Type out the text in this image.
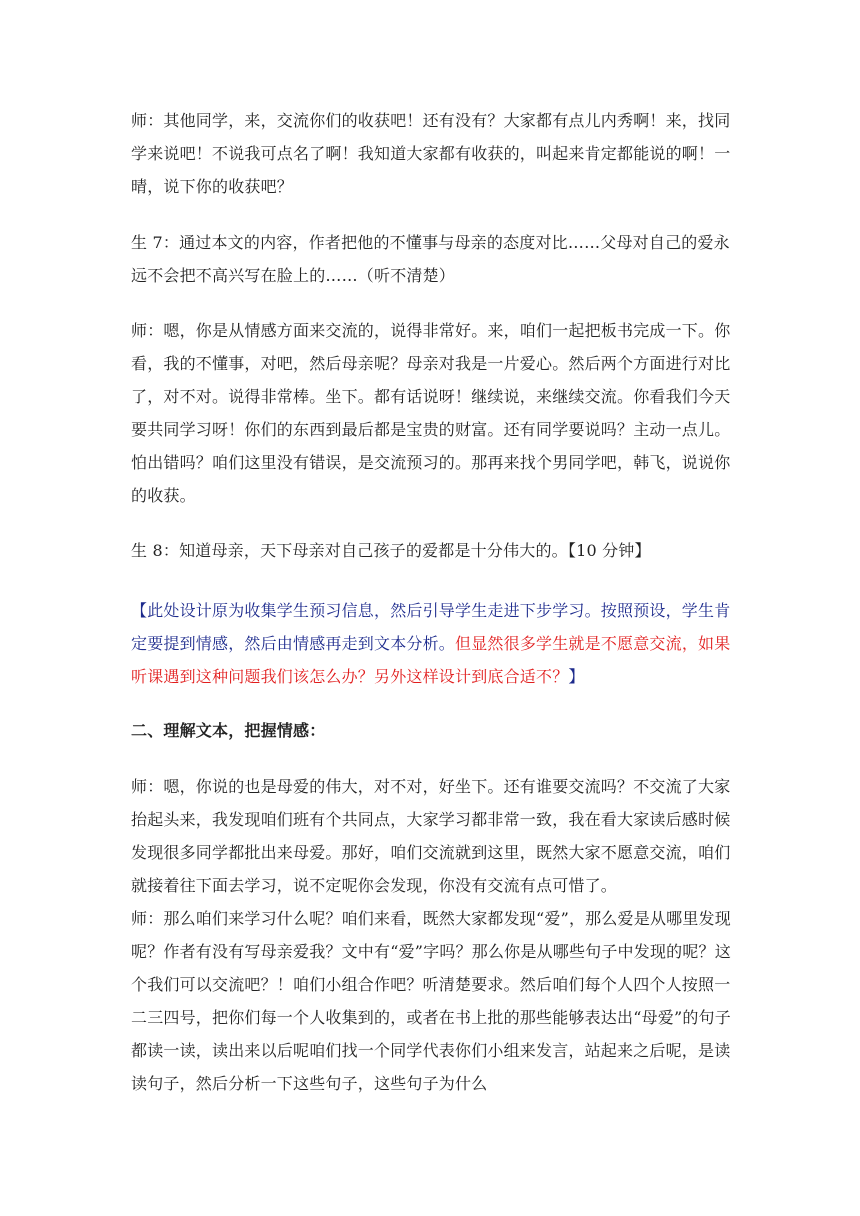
师：其他同学，来，交流你们的收获吧！还有没有？大家都有点儿内秀啊！来，找同学来说吧！不说我可点名了啊！我知道大家都有收获的，叫起来肯定都能说的啊！一晴，说下你的收获吧？

生 7：通过本文的内容，作者把他的不懂事与母亲的态度对比……父母对自己的爱永远不会把不高兴写在脸上的……（听不清楚）

师：嗯，你是从情感方面来交流的，说得非常好。来，咱们一起把板书完成一下。你看，我的不懂事，对吧，然后母亲呢？母亲对我是一片爱心。然后两个方面进行对比了，对不对。说得非常棒。坐下。都有话说呀！继续说，来继续交流。你看我们今天要共同学习呀！你们的东西到最后都是宝贵的财富。还有同学要说吗？主动一点儿。怕出错吗？咱们这里没有错误，是交流预习的。那再来找个男同学吧，韩飞，说说你的收获。

生 8：知道母亲，天下母亲对自己孩子的爱都是十分伟大的。【10 分钟】

【此处设计原为收集学生预习信息，然后引导学生走进下步学习。按照预设，学生肯定要提到情感，然后由情感再走到文本分析。但显然很多学生就是不愿意交流，如果听课遇到这种问题我们该怎么办？另外这样设计到底合适不？】

二、理解文本，把握情感：

师：嗯，你说的也是母爱的伟大，对不对，好坐下。还有谁要交流吗？不交流了大家抬起头来，我发现咱们班有个共同点，大家学习都非常一致，我在看大家读后感时候发现很多同学都批出来母爱。那好，咱们交流就到这里，既然大家不愿意交流，咱们就接着往下面去学习，说不定呢你会发现，你没有交流有点可惜了。

师：那么咱们来学习什么呢？咱们来看，既然大家都发现“爱”，那么爱是从哪里发现呢？作者有没有写母亲爱我？文中有“爱”字吗？那么你是从哪些句子中发现的呢？这个我们可以交流吧？！咱们小组合作吧？听清楚要求。然后咱们每个人四个人按照一二三四号，把你们每一个人收集到的，或者在书上批的那些能够表达出“母爱”的句子都读一读，读出来以后呢咱们找一个同学代表你们小组来发言，站起来之后呢，是读读句子，然后分析一下这些句子，这些句子为什么
